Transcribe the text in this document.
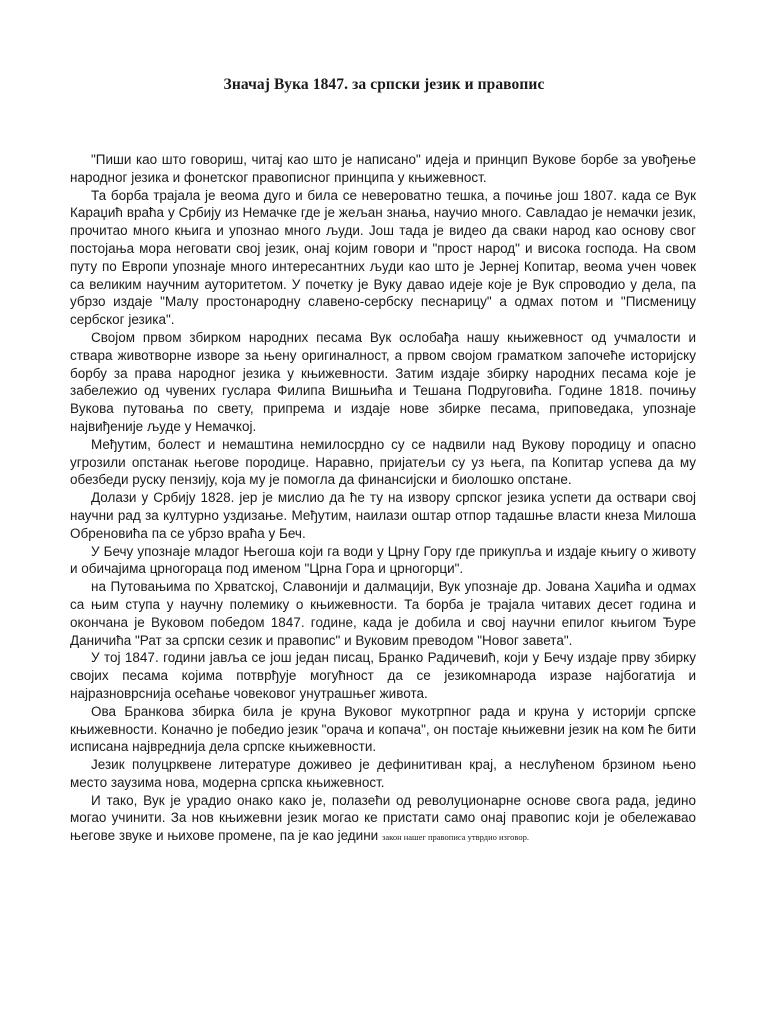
Значај Вука 1847. за српски језик и правопис

"Пиши као што говориш, читај као што је написано" идеја и принцип Вукове борбе за увођење народног језика и фонетског правописног принципа у књижевност.

Та борба трајала је веома дуго и била се невероватно тешка, а почиње још 1807. када се Вук Караџић враћа у Србију из Немачке где је жељан знања, научио много. Савладао је немачки језик, прочитао много књига и упознао много људи. Још тада је видео да сваки народ као основу свог постојања мора неговати свој језик, онај којим говори и "прост народ" и висока господа. На свом путу по Европи упознаје много интересантних људи као што је Јернеј Копитар, веома учен човек са великим научним ауторитетом. У почетку је Вуку давао идеје које је Вук спроводио у дела, па убрзо издаје "Малу простонародну славено-сербску песнарицу" а одмах потом и "Писменицу сербског језика".

Својом првом збирком народних песама Вук ослобађа нашу књижевност од учмалости и ствара животворне изворе за њену оригиналност, а првом својом граматком започеће историјску борбу за права народног језика у књижевности. Затим издаје збирку народних песама које је забележио од чувених гуслара Филипа Вишњића и Тешана Подруговића. Године 1818. почињу Вукова путовања по свету, припрема и издаје нове збирке песама, приповедака, упознаје највиђеније људе у Немачкој.

Међутим, болест и немаштина немилосрдно су се надвили над Вукову породицу и опасно угрозили опстанак његове породице. Наравно, пријатељи су уз њега, па Копитар успева да му обезбеди руску пензију, која му је помогла да финансијски и биолошко опстане.

Долази у Србију 1828. јер је мислио да ће ту на извору српског језика успети да оствари свој научни рад за културно уздизање. Међутим, наилази оштар отпор тадашње власти кнеза Милоша Обреновића па се убрзо враћа у Беч.

У Бечу упознаје младог Његоша који га води у Црну Гору где прикупља и издаје књигу о животу и обичајима црногораца под именом "Црна Гора и црногорци".

на Путовањима по Хрватској, Славонији и далмацији, Вук упознаје др. Јована Хаџића и одмах са њим ступа у научну полемику о књижевности. Та борба је трајала читавих десет година и окончана је Вуковом победом 1847. године, када је добила и свој научни епилог књигом Ђуре Даничића "Рат за српски сезик и правопис" и Вуковим преводом "Новог завета".

У тој 1847. години јавља се још један писац, Бранко Радичевић, који у Бечу издаје прву збирку својих песама којима потврђује могућност да се језикомнарода изразе најбогатија и најразноврснија осећање човековог унутрашњег живота.

Ова Бранкова збирка била је круна Вуковог мукотрпног рада и круна у историји српске књижевности. Коначно је победио језик "орача и копача", он постаје књижевни језик на ком ће бити исписана највреднија дела српске књижевности.

Језик полуцрквене литературе доживео је дефинитиван крај, а неслућеном брзином њено место заузима нова, модерна српска књижевност.

И тако, Вук је урадио онако како је, полазећи од револуционарне основе свога рада, једино могао учинити. За нов књижевни језик могао ке пристати само онај правопис који је обележавао његове звуке и њихове промене, па је као једини закон нашег правописа утврдио изговор.
